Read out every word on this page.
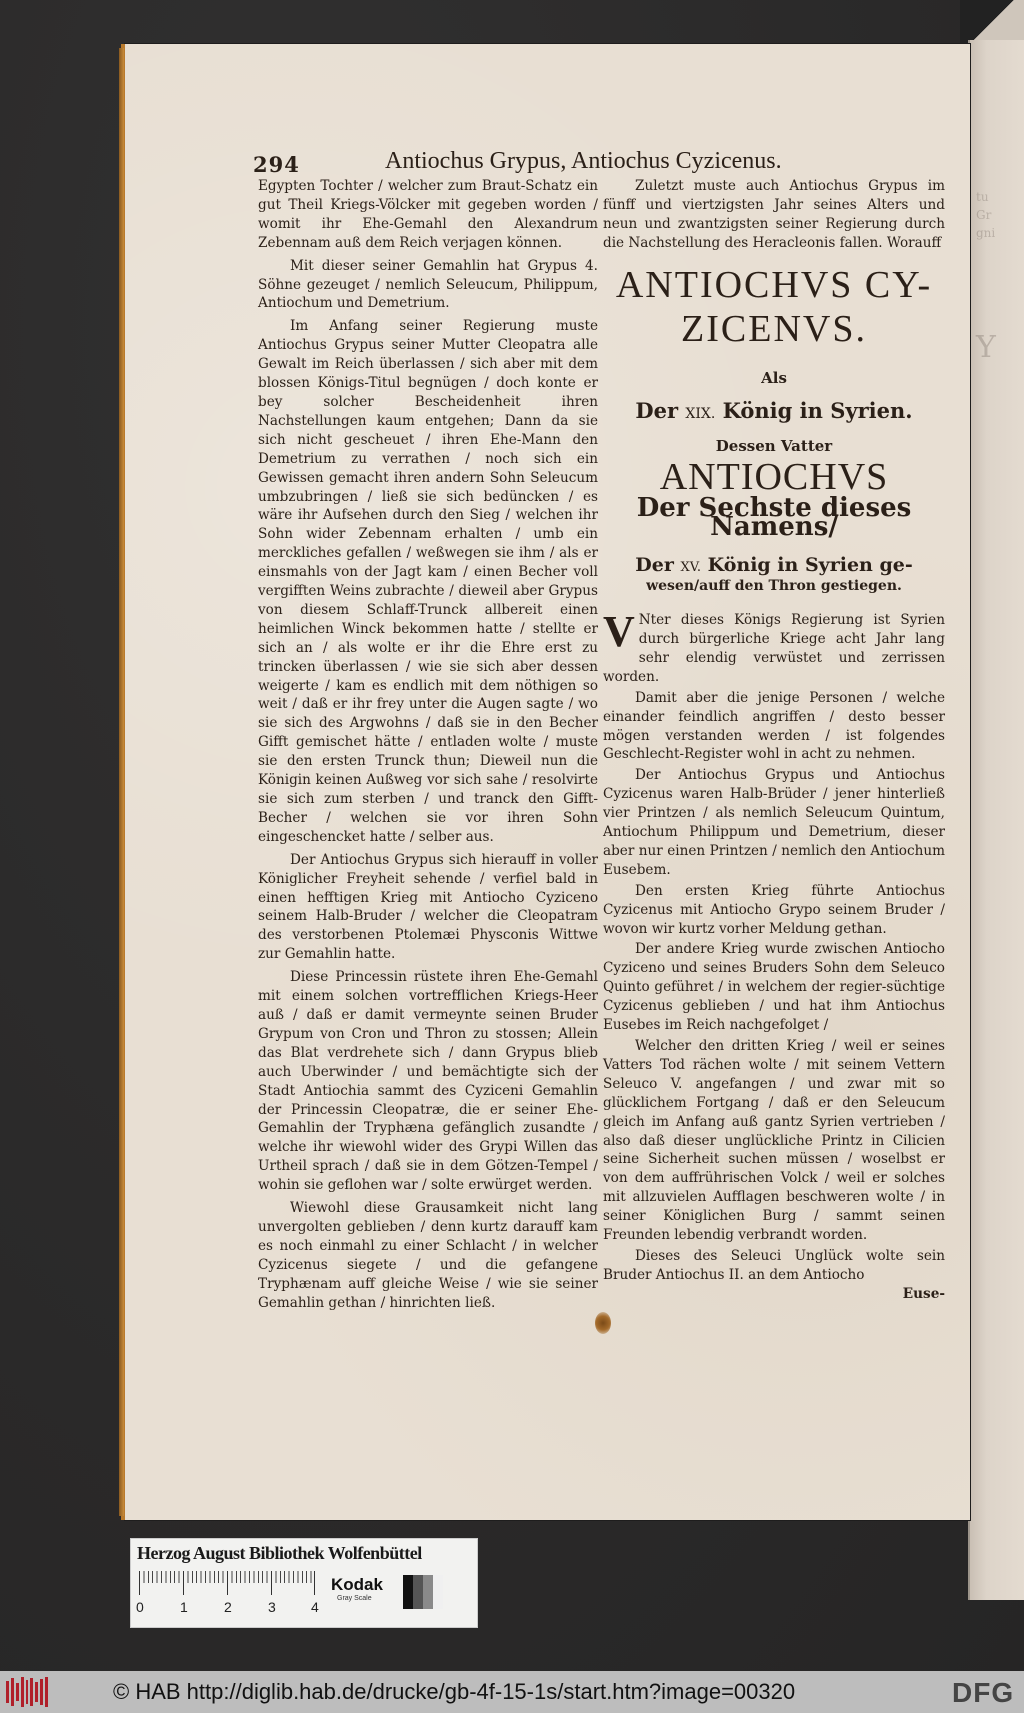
tu
Gr
gni
Y
294	Antiochus Grypus, Antiochus Cyzicenus.

Egypten Tochter / welcher zum Braut-Schatz ein gut Theil Kriegs-Völcker mit gegeben worden / womit ihr Ehe-Gemahl den Alexandrum Zebennam auß dem Reich verjagen können.

Mit dieser seiner Gemahlin hat Grypus 4. Söhne gezeuget / nemlich Seleucum, Philippum, Antiochum und Demetrium.

Im Anfang seiner Regierung muste Antiochus Grypus seiner Mutter Cleopatra alle Gewalt im Reich überlassen / sich aber mit dem blossen Königs-Titul begnügen / doch konte er bey solcher Bescheidenheit ihren Nachstellungen kaum entgehen; Dann da sie sich nicht gescheuet / ihren Ehe-Mann den Demetrium zu verrathen / noch sich ein Gewissen gemacht ihren andern Sohn Seleucum umbzubringen / ließ sie sich bedüncken / es wäre ihr Aufsehen durch den Sieg / welchen ihr Sohn wider Zebennam erhalten / umb ein merckliches gefallen / weßwegen sie ihm / als er einsmahls von der Jagt kam / einen Becher voll vergifften Weins zubrachte / dieweil aber Grypus von diesem Schlaff-Trunck allbereit einen heimlichen Winck bekommen hatte / stellte er sich an / als wolte er ihr die Ehre erst zu trincken überlassen / wie sie sich aber dessen weigerte / kam es endlich mit dem nöthigen so weit / daß er ihr frey unter die Augen sagte / wo sie sich des Argwohns / daß sie in den Becher Gifft gemischet hätte / entladen wolte / muste sie den ersten Trunck thun; Dieweil nun die Königin keinen Außweg vor sich sahe / resolvirte sie sich zum sterben / und tranck den Gifft-Becher / welchen sie vor ihren Sohn eingeschencket hatte / selber aus.

Der Antiochus Grypus sich hierauff in voller Königlicher Freyheit sehende / verfiel bald in einen hefftigen Krieg mit Antiocho Cyziceno seinem Halb-Bruder / welcher die Cleopatram des verstorbenen Ptolemæi Physconis Wittwe zur Gemahlin hatte.

Diese Princessin rüstete ihren Ehe-Gemahl mit einem solchen vortrefflichen Kriegs-Heer auß / daß er damit vermeynte seinen Bruder Grypum von Cron und Thron zu stossen; Allein das Blat verdrehete sich / dann Grypus blieb auch Uberwinder / und bemächtigte sich der Stadt Antiochia sammt des Cyziceni Gemahlin der Princessin Cleopatræ, die er seiner Ehe-Gemahlin der Tryphæna gefänglich zusandte / welche ihr wiewohl wider des Grypi Willen das Urtheil sprach / daß sie in dem Götzen-Tempel / wohin sie geflohen war / solte erwürget werden.

Wiewohl diese Grausamkeit nicht lang unvergolten geblieben / denn kurtz darauff kam es noch einmahl zu einer Schlacht / in welcher Cyzicenus siegete / und die gefangene Tryphænam auff gleiche Weise / wie sie seiner Gemahlin gethan / hinrichten ließ.

Zuletzt muste auch Antiochus Grypus im fünff und viertzigsten Jahr seines Alters und neun und zwantzigsten seiner Regierung durch die Nachstellung des Heracleonis fallen. Worauff

ANTIOCHVS CY-
ZICENVS.
Als
Der XIX. König in Syrien.
Dessen Vatter
ANTIOCHVS
Der Sechste dieses Namens/
Der XV. König in Syrien ge-
wesen/auff den Thron gestiegen.

V Nter dieses Königs Regierung ist Syrien durch bürgerliche Kriege acht Jahr lang sehr elendig verwüstet und zerrissen worden.

Damit aber die jenige Personen / welche einander feindlich angriffen / desto besser mögen verstanden werden / ist folgendes Geschlecht-Register wohl in acht zu nehmen.

Der Antiochus Grypus und Antiochus Cyzicenus waren Halb-Brüder / jener hinterließ vier Printzen / als nemlich Seleucum Quintum, Antiochum Philippum und Demetrium, dieser aber nur einen Printzen / nemlich den Antiochum Eusebem.

Den ersten Krieg führte Antiochus Cyzicenus mit Antiocho Grypo seinem Bruder / wovon wir kurtz vorher Meldung gethan.

Der andere Krieg wurde zwischen Antiocho Cyziceno und seines Bruders Sohn dem Seleuco Quinto geführet / in welchem der regier-süchtige Cyzicenus geblieben / und hat ihm Antiochus Eusebes im Reich nachgefolget /

Welcher den dritten Krieg / weil er seines Vatters Tod rächen wolte / mit seinem Vettern Seleuco V. angefangen / und zwar mit so glücklichem Fortgang / daß er den Seleucum gleich im Anfang auß gantz Syrien vertrieben / also daß dieser unglückliche Printz in Cilicien seine Sicherheit suchen müssen / woselbst er von dem auffrührischen Volck / weil er solches mit allzuvielen Aufflagen beschweren wolte / in seiner Königlichen Burg / sammt seinen Freunden lebendig verbrandt worden.

Dieses des Seleuci Unglück wolte sein Bruder Antiochus II. an dem Antiocho

Euse-
Herzog August Bibliothek Wolfenbüttel
0	1	2	3	4
Kodak
Gray Scale
© HAB http://diglib.hab.de/drucke/gb-4f-15-1s/start.htm?image=00320	DFG
